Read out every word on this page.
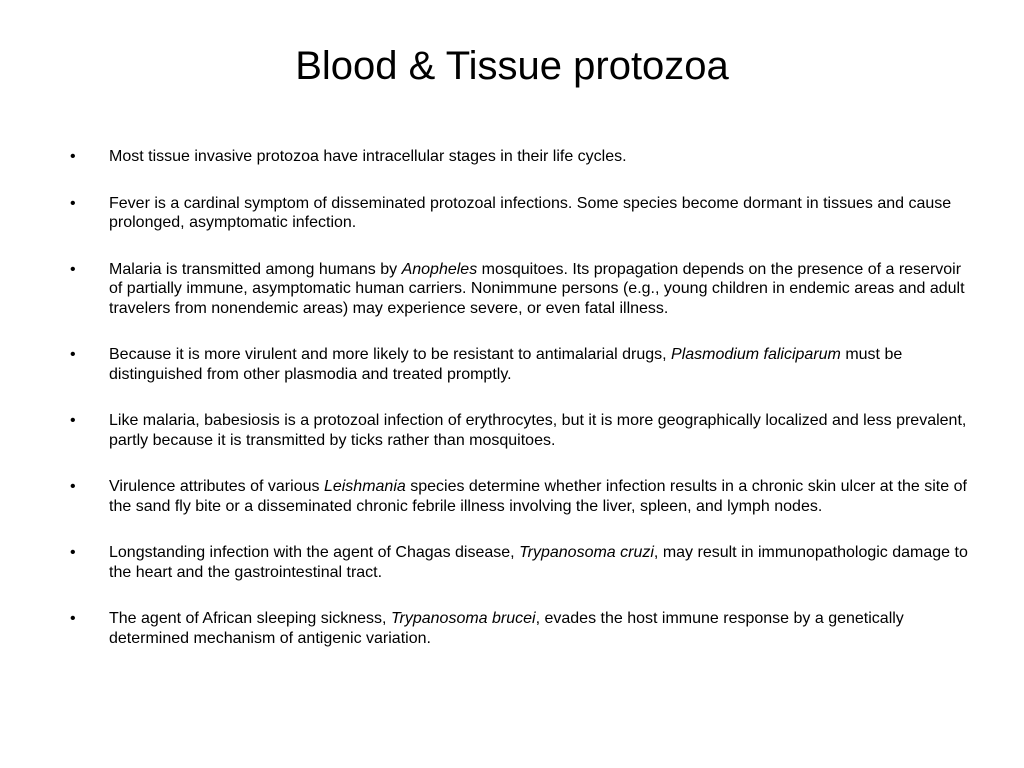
Blood & Tissue protozoa
•	Most tissue invasive protozoa have intracellular stages in their life cycles.
•	Fever is a cardinal symptom of disseminated protozoal infections. Some species become dormant in tissues and cause prolonged, asymptomatic infection.
•	Malaria is transmitted among humans by Anopheles mosquitoes. Its propagation depends on the presence of a reservoir of partially immune, asymptomatic human carriers. Nonimmune persons (e.g., young children in endemic areas and adult travelers from nonendemic areas) may experience severe, or even fatal illness.
•	Because it is more virulent and more likely to be resistant to antimalarial drugs, Plasmodium faliciparum must be distinguished from other plasmodia and treated promptly.
•	Like malaria, babesiosis is a protozoal infection of erythrocytes, but it is more geographically localized and less prevalent, partly because it is transmitted by ticks rather than mosquitoes.
•	Virulence attributes of various Leishmania species determine whether infection results in a chronic skin ulcer at the site of the sand fly bite or a disseminated chronic febrile illness involving the liver, spleen, and lymph nodes.
•	Longstanding infection with the agent of Chagas disease, Trypanosoma cruzi, may result in immunopathologic damage to the heart and the gastrointestinal tract.
•	The agent of African sleeping sickness, Trypanosoma brucei, evades the host immune response by a genetically determined mechanism of antigenic variation.
